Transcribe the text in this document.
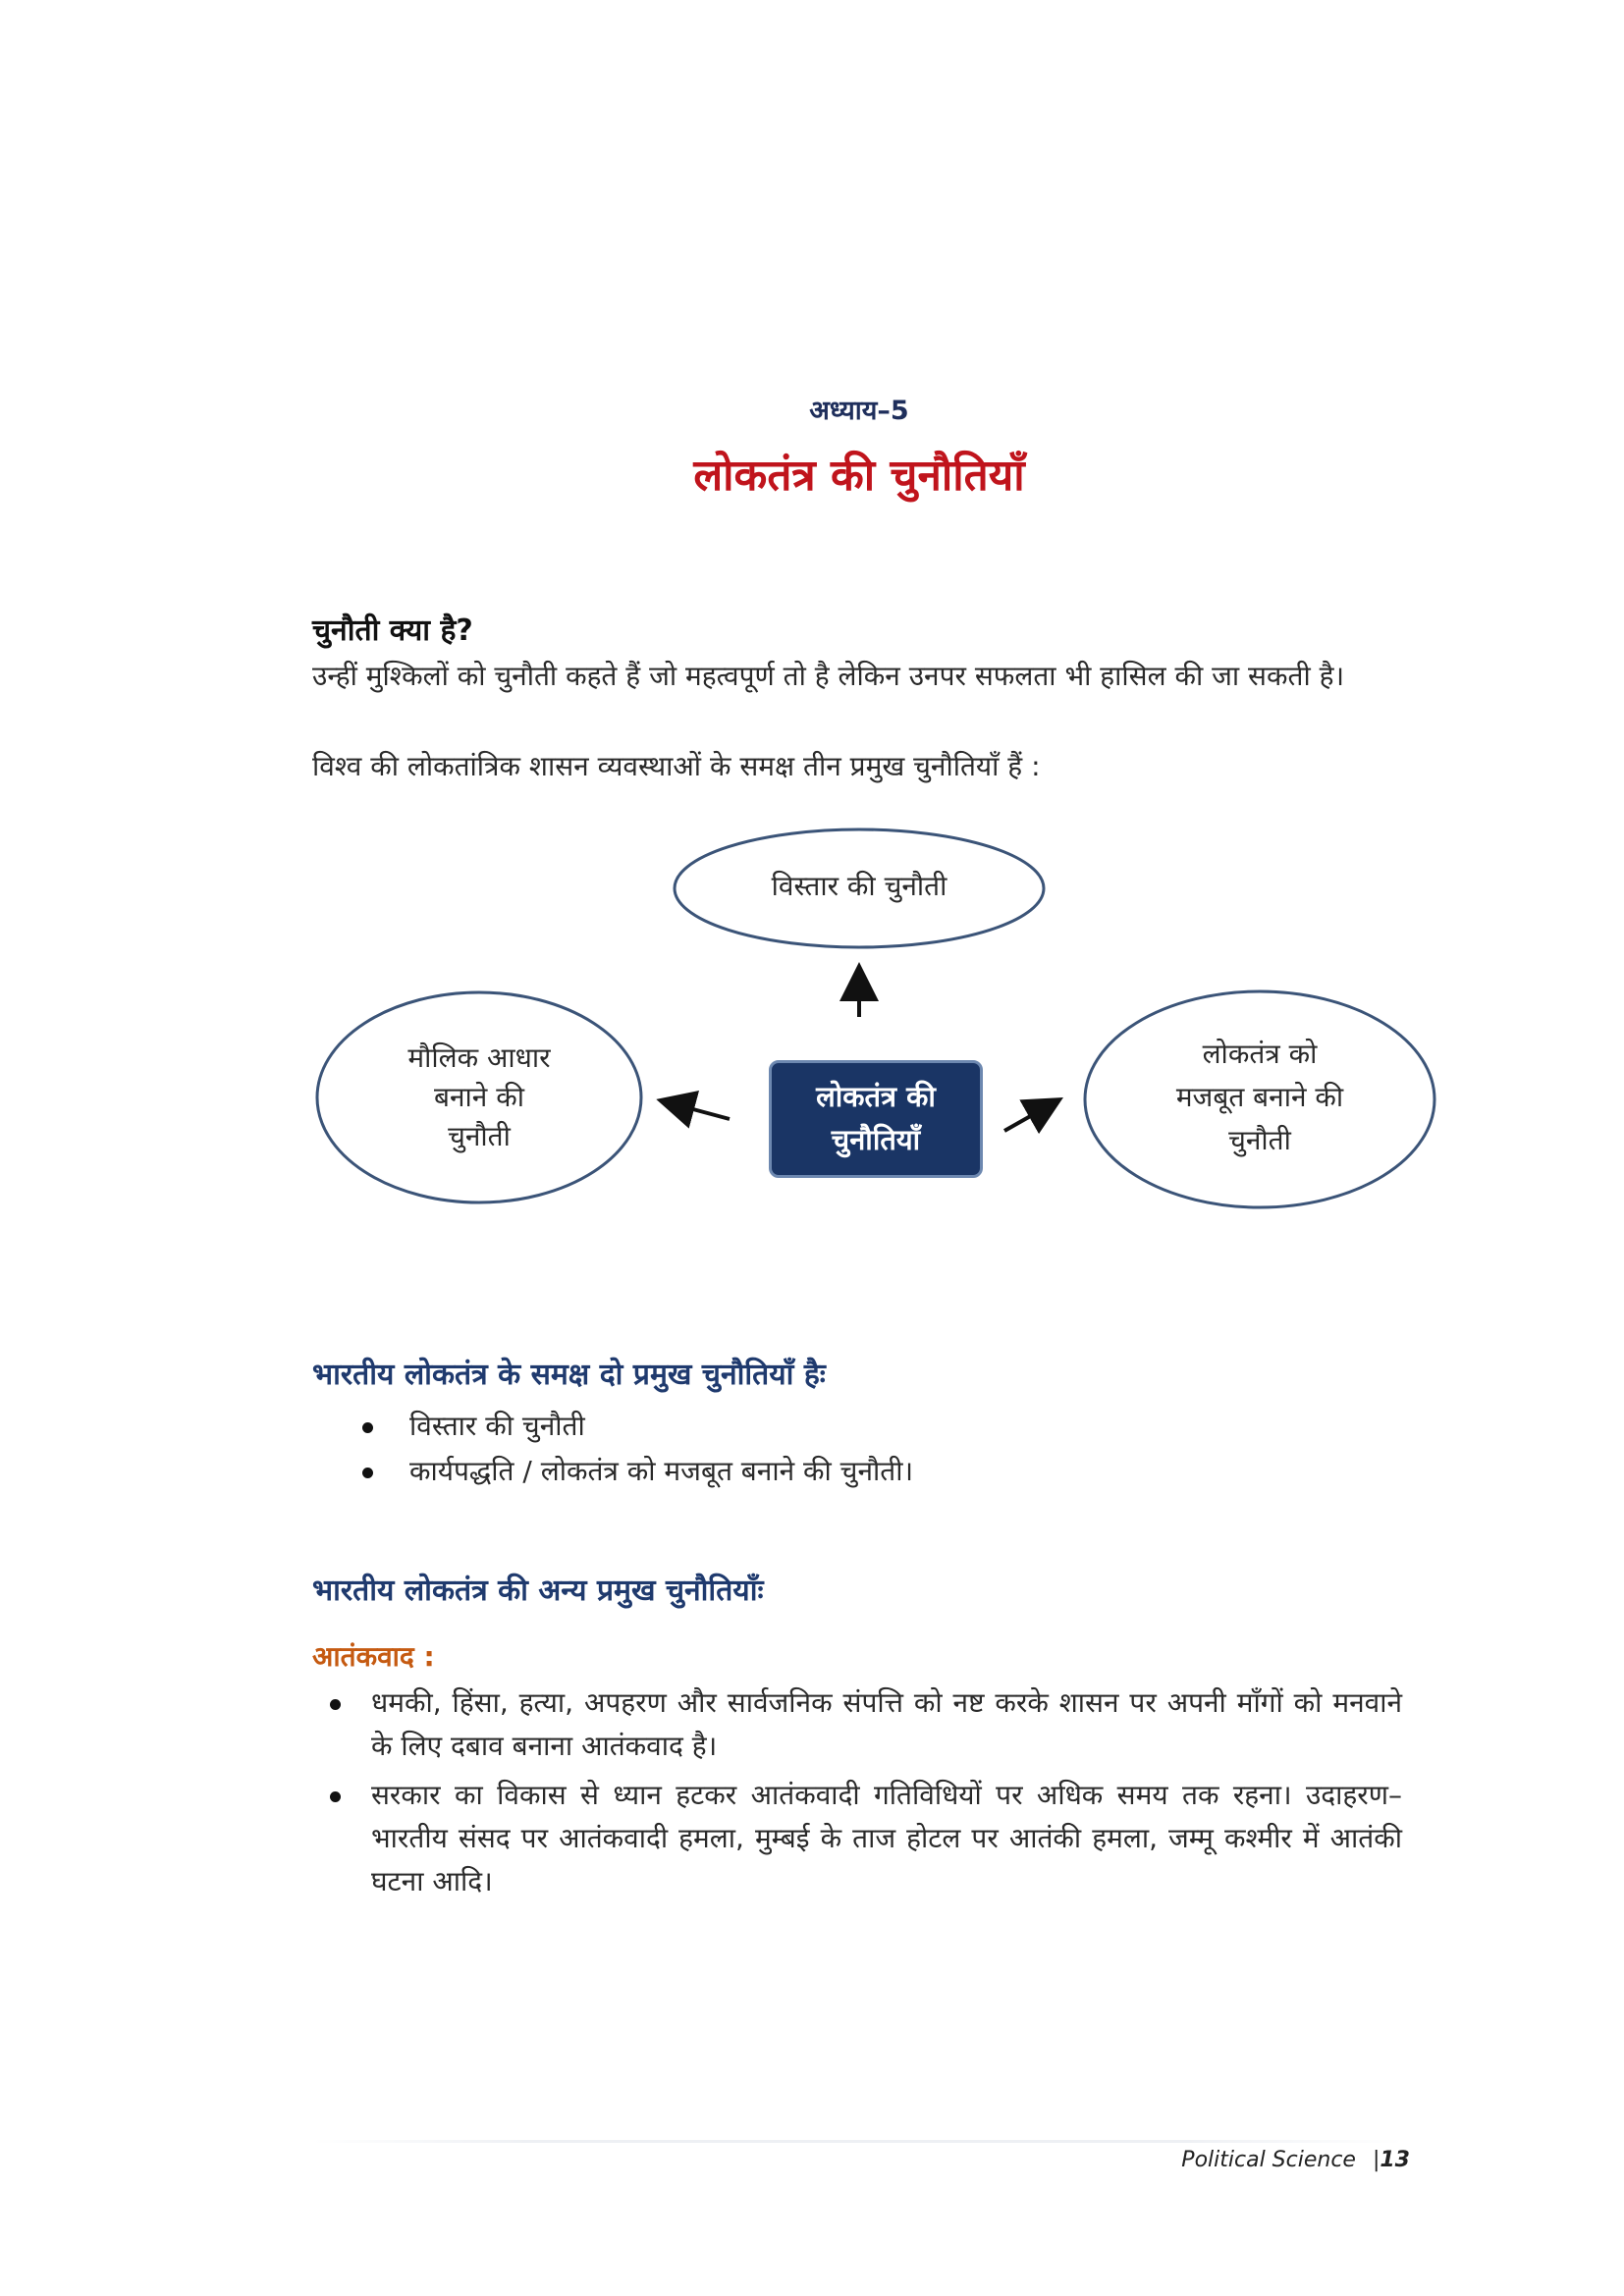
अध्याय–5
लोकतंत्र की चुनौतियाँ
चुनौती क्या है?
उन्हीं मुश्किलों को चुनौती कहते हैं जो महत्वपूर्ण तो है लेकिन उनपर सफलता भी हासिल की जा सकती है।
विश्व की लोकतांत्रिक शासन व्यवस्थाओं के समक्ष तीन प्रमुख चुनौतियाँ हैं :
विस्तार की चुनौती
मौलिक आधार
बनाने की
चुनौती
लोकतंत्र की
चुनौतियाँ
लोकतंत्र को
मजबूत बनाने की
चुनौती
भारतीय लोकतंत्र के समक्ष दो प्रमुख चुनौतियाँ हैः
विस्तार की चुनौती
कार्यपद्धति / लोकतंत्र को मजबूत बनाने की चुनौती।
भारतीय लोकतंत्र की अन्य प्रमुख चुनौतियाँः
आतंकवाद :
धमकी, हिंसा, हत्या, अपहरण और सार्वजनिक संपत्ति को नष्ट करके शासन पर अपनी माँगों को मनवाने के लिए दबाव बनाना आतंकवाद है।
सरकार का विकास से ध्यान हटकर आतंकवादी गतिविधियों पर अधिक समय तक रहना। उदाहरण– भारतीय संसद पर आतंकवादी हमला, मुम्बई के ताज होटल पर आतंकी हमला, जम्मू कश्मीर में आतंकी घटना आदि।
Political Science |13
